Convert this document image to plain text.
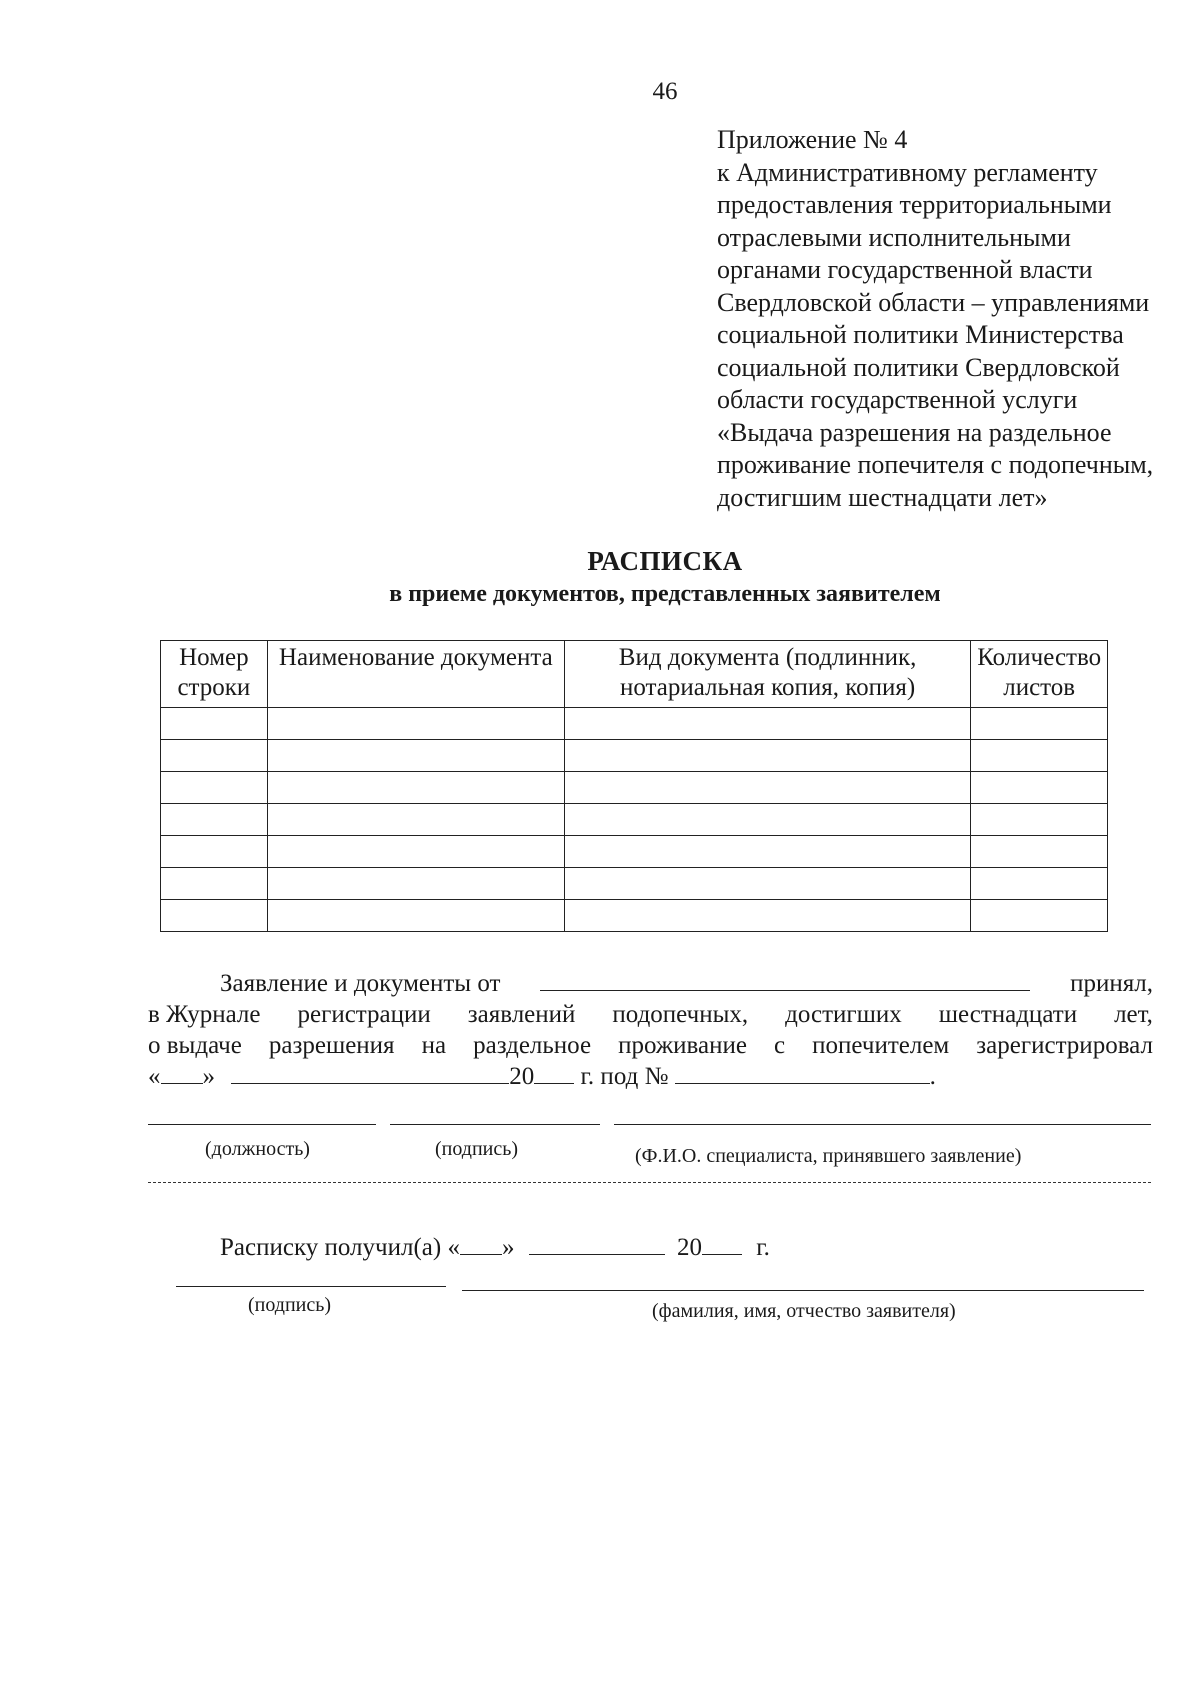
46
Приложение № 4
к Административному регламенту
предоставления территориальными
отраслевыми исполнительными
органами государственной власти
Свердловской области – управлениями
социальной политики Министерства
социальной политики Свердловской
области государственной услуги
«Выдача разрешения на раздельное
проживание попечителя с подопечным,
достигшим шестнадцати лет»
РАСПИСКА
в приеме документов, представленных заявителем
Номер строки	Наименование документа	Вид документа (подлинник, нотариальная копия, копия)	Количество листов

Заявление и документы от	принял,
в Журнале регистрации заявлений подопечных, достигших шестнадцати лет,
о выдаче разрешения на раздельное проживание с попечителем зарегистрировал
« »	20 г. под №	.
(должность)	(подпись)	(Ф.И.О. специалиста, принявшего заявление)
Расписку получил(а) « »	20 г.
(подпись)	(фамилия, имя, отчество заявителя)
